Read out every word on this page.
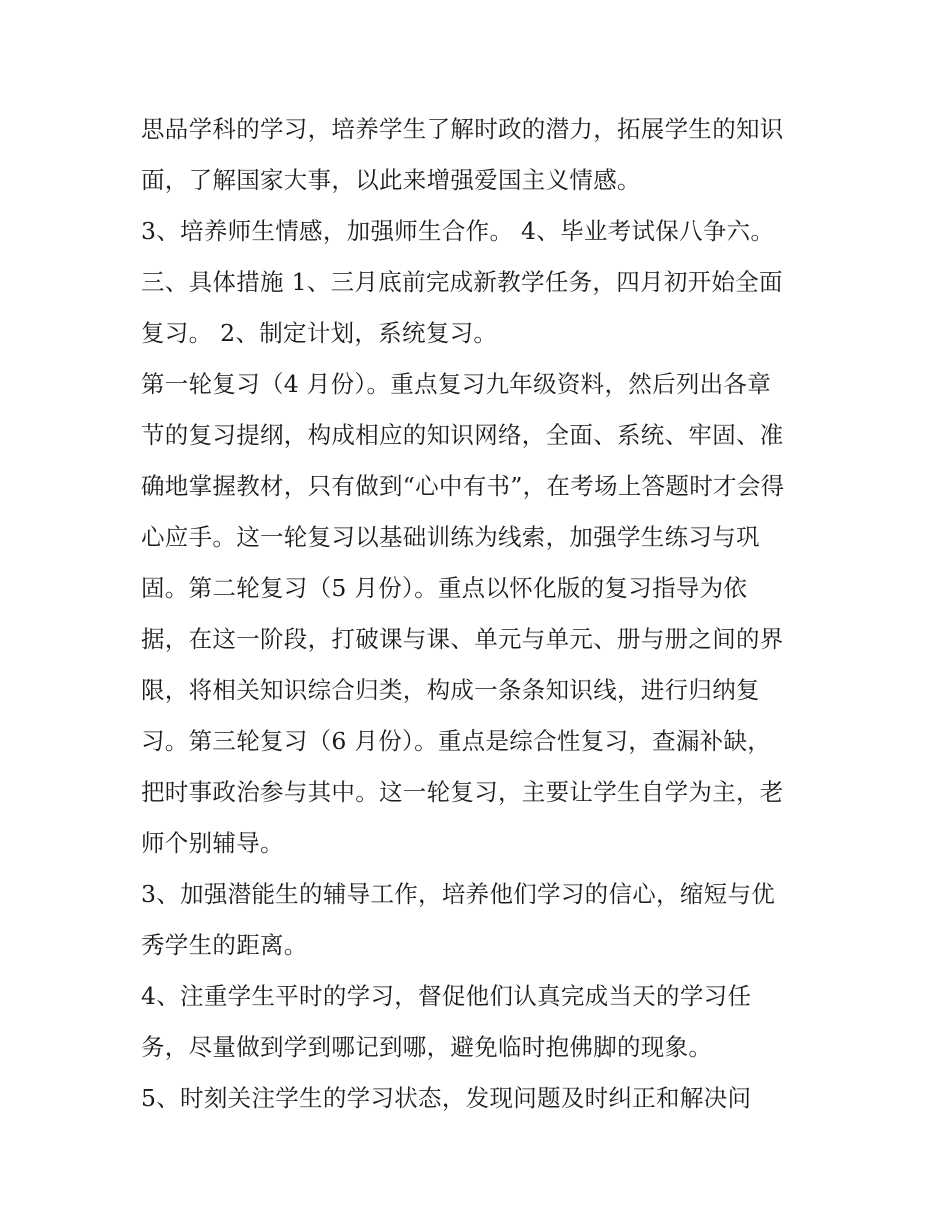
思品学科的学习，培养学生了解时政的潜力，拓展学生的知识
面，了解国家大事，以此来增强爱国主义情感。
3、培养师生情感，加强师生合作。 4、毕业考试保八争六。
三、具体措施 1、三月底前完成新教学任务，四月初开始全面
复习。 2、制定计划，系统复习。
第一轮复习（4 月份）。重点复习九年级资料，然后列出各章
节的复习提纲，构成相应的知识网络，全面、系统、牢固、准
确地掌握教材，只有做到“心中有书”，在考场上答题时才会得
心应手。这一轮复习以基础训练为线索，加强学生练习与巩
固。第二轮复习（5 月份）。重点以怀化版的复习指导为依
据，在这一阶段，打破课与课、单元与单元、册与册之间的界
限，将相关知识综合归类，构成一条条知识线，进行归纳复
习。第三轮复习（6 月份）。重点是综合性复习，查漏补缺，
把时事政治参与其中。这一轮复习，主要让学生自学为主，老
师个别辅导。
3、加强潜能生的辅导工作，培养他们学习的信心，缩短与优
秀学生的距离。
4、注重学生平时的学习，督促他们认真完成当天的学习任
务，尽量做到学到哪记到哪，避免临时抱佛脚的现象。
5、时刻关注学生的学习状态，发现问题及时纠正和解决问
